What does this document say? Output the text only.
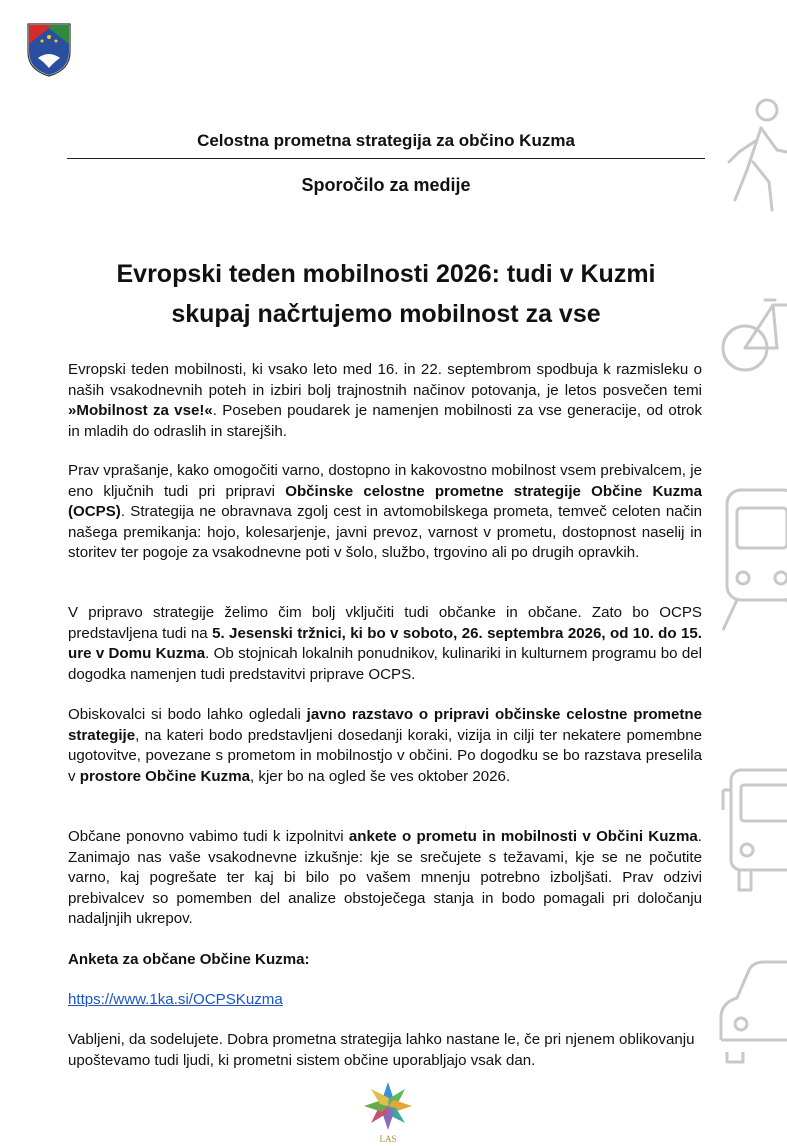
Celostna prometna strategija za občino Kuzma

Sporočilo za medije

Evropski teden mobilnosti 2026: tudi v Kuzmi
skupaj načrtujemo mobilnost za vse

Evropski teden mobilnosti, ki vsako leto med 16. in 22. septembrom spodbuja k razmisleku o naših vsakodnevnih poteh in izbiri bolj trajnostnih načinov potovanja, je letos posvečen temi »Mobilnost za vse!«. Poseben poudarek je namenjen mobilnosti za vse generacije, od otrok in mladih do odraslih in starejših.

Prav vprašanje, kako omogočiti varno, dostopno in kakovostno mobilnost vsem prebivalcem, je eno ključnih tudi pri pripravi Občinske celostne prometne strategije Občine Kuzma (OCPS). Strategija ne obravnava zgolj cest in avtomobilskega prometa, temveč celoten način našega premikanja: hojo, kolesarjenje, javni prevoz, varnost v prometu, dostopnost naselij in storitev ter pogoje za vsakodnevne poti v šolo, službo, trgovino ali po drugih opravkih.

V pripravo strategije želimo čim bolj vključiti tudi občanke in občane. Zato bo OCPS predstavljena tudi na 5. Jesenski tržnici, ki bo v soboto, 26. septembra 2026, od 10. do 15. ure v Domu Kuzma. Ob stojnicah lokalnih ponudnikov, kulinariki in kulturnem programu bo del dogodka namenjen tudi predstavitvi priprave OCPS.

Obiskovalci si bodo lahko ogledali javno razstavo o pripravi občinske celostne prometne strategije, na kateri bodo predstavljeni dosedanji koraki, vizija in cilji ter nekatere pomembne ugotovitve, povezane s prometom in mobilnostjo v občini. Po dogodku se bo razstava preselila v prostore Občine Kuzma, kjer bo na ogled še ves oktober 2026.

Občane ponovno vabimo tudi k izpolnitvi ankete o prometu in mobilnosti v Občini Kuzma. Zanimajo nas vaše vsakodnevne izkušnje: kje se srečujete s težavami, kje se ne počutite varno, kaj pogrešate ter kaj bi bilo po vašem mnenju potrebno izboljšati. Prav odzivi prebivalcev so pomemben del analize obstoječega stanja in bodo pomagali pri določanju nadaljnjih ukrepov.

Anketa za občane Občine Kuzma:

https://www.1ka.si/OCPSKuzma

Vabljeni, da sodelujete. Dobra prometna strategija lahko nastane le, če pri njenem oblikovanju upoštevamo tudi ljudi, ki prometni sistem občine uporabljajo vsak dan.

LAS
